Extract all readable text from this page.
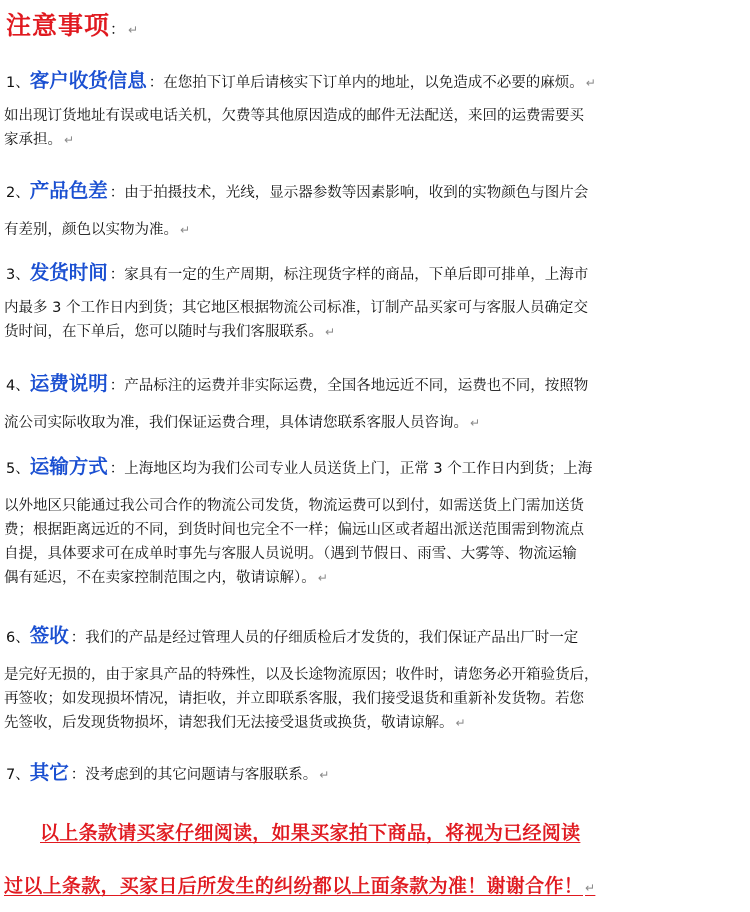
注意事项： ↵
1、客户收货信息 ：在您拍下订单后请核实下订单内的地址，以免造成不必要的麻烦。 ↵
如出现订货地址有误或电话关机，欠费等其他原因造成的邮件无法配送，来回的运费需要买
家承担。 ↵
2、产品色差 ：由于拍摄技术，光线，显示器参数等因素影响，收到的实物颜色与图片会
有差别，颜色以实物为准。 ↵
3、发货时间 ：家具有一定的生产周期，标注现货字样的商品，下单后即可排单，上海市
内最多 3 个工作日内到货；其它地区根据物流公司标准，订制产品买家可与客服人员确定交
货时间，在下单后，您可以随时与我们客服联系。 ↵
4、运费说明 ：产品标注的运费并非实际运费，全国各地远近不同，运费也不同，按照物
流公司实际收取为准，我们保证运费合理，具体请您联系客服人员咨询。 ↵
5、运输方式 ：上海地区均为我们公司专业人员送货上门，正常 3 个工作日内到货；上海
以外地区只能通过我公司合作的物流公司发货，物流运费可以到付，如需送货上门需加送货
费；根据距离远近的不同，到货时间也完全不一样；偏远山区或者超出派送范围需到物流点
自提，具体要求可在成单时事先与客服人员说明。（遇到节假日、雨雪、大雾等、物流运输
偶有延迟，不在卖家控制范围之内，敬请谅解）。 ↵
6、签收 ：我们的产品是经过管理人员的仔细质检后才发货的，我们保证产品出厂时一定
是完好无损的，由于家具产品的特殊性，以及长途物流原因；收件时，请您务必开箱验货后，
再签收；如发现损坏情况，请拒收，并立即联系客服，我们接受退货和重新补发货物。若您
先签收，后发现货物损坏，请恕我们无法接受退货或换货，敬请谅解。 ↵
7、其它 ：没考虑到的其它问题请与客服联系。 ↵
以上条款请买家仔细阅读，如果买家拍下商品，将视为已经阅读
过以上条款，买家日后所发生的纠纷都以上面条款为准！谢谢合作！ ↵
